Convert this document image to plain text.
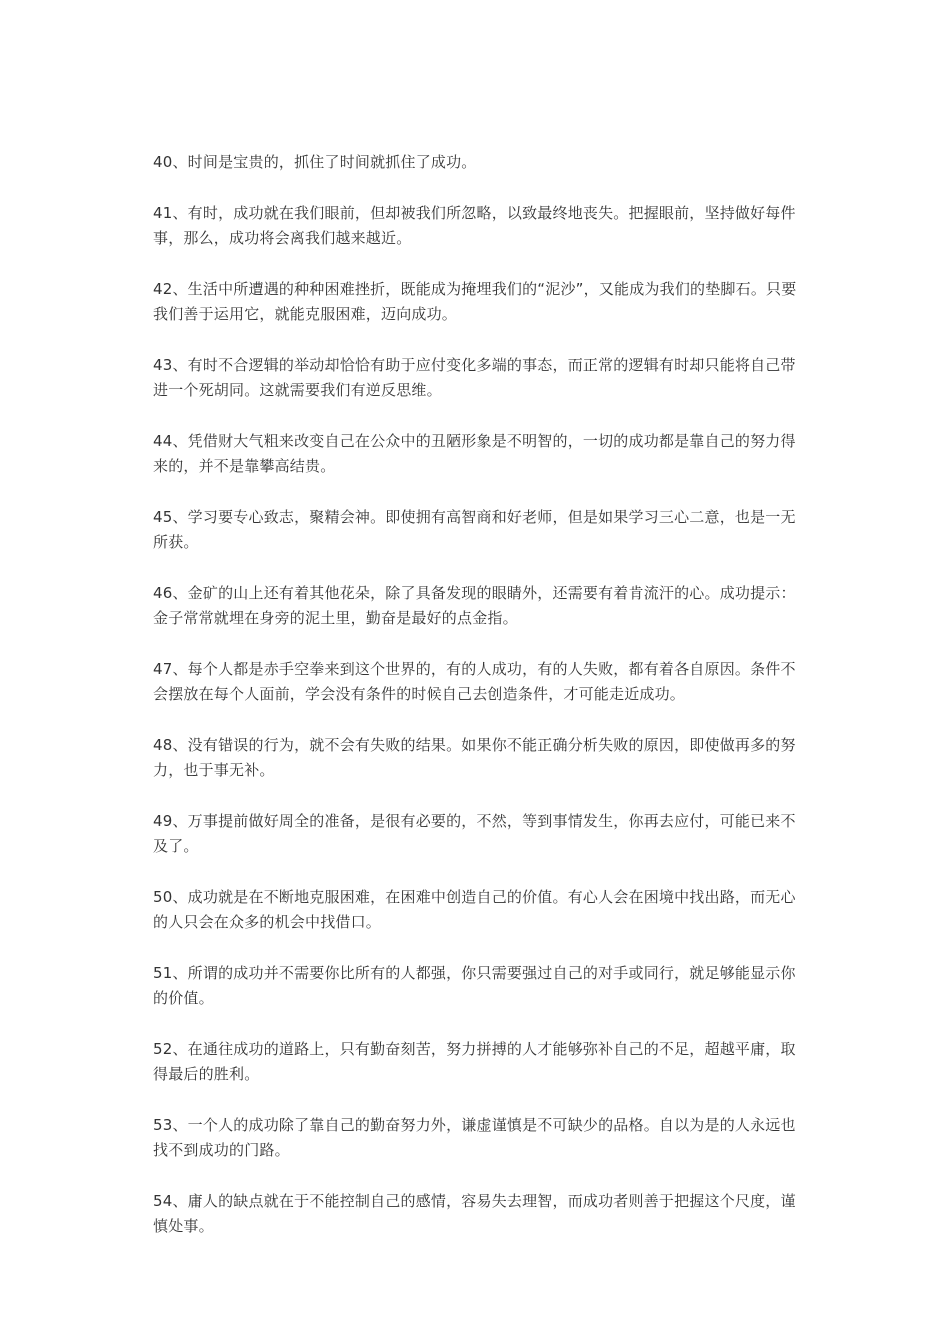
40、时间是宝贵的，抓住了时间就抓住了成功。

41、有时，成功就在我们眼前，但却被我们所忽略，以致最终地丧失。把握眼前，坚持做好每件事，那么，成功将会离我们越来越近。

42、生活中所遭遇的种种困难挫折，既能成为掩埋我们的“泥沙”，又能成为我们的垫脚石。只要我们善于运用它，就能克服困难，迈向成功。

43、有时不合逻辑的举动却恰恰有助于应付变化多端的事态，而正常的逻辑有时却只能将自己带进一个死胡同。这就需要我们有逆反思维。

44、凭借财大气粗来改变自己在公众中的丑陋形象是不明智的，一切的成功都是靠自己的努力得来的，并不是靠攀高结贵。

45、学习要专心致志，聚精会神。即使拥有高智商和好老师，但是如果学习三心二意，也是一无所获。

46、金矿的山上还有着其他花朵，除了具备发现的眼睛外，还需要有着肯流汗的心。成功提示：金子常常就埋在身旁的泥土里，勤奋是最好的点金指。

47、每个人都是赤手空拳来到这个世界的，有的人成功，有的人失败，都有着各自原因。条件不会摆放在每个人面前，学会没有条件的时候自己去创造条件，才可能走近成功。

48、没有错误的行为，就不会有失败的结果。如果你不能正确分析失败的原因，即使做再多的努力，也于事无补。

49、万事提前做好周全的准备，是很有必要的，不然，等到事情发生，你再去应付，可能已来不及了。

50、成功就是在不断地克服困难，在困难中创造自己的价值。有心人会在困境中找出路，而无心的人只会在众多的机会中找借口。

51、所谓的成功并不需要你比所有的人都强，你只需要强过自己的对手或同行，就足够能显示你的价值。

52、在通往成功的道路上，只有勤奋刻苦，努力拼搏的人才能够弥补自己的不足，超越平庸，取得最后的胜利。

53、一个人的成功除了靠自己的勤奋努力外，谦虚谨慎是不可缺少的品格。自以为是的人永远也找不到成功的门路。

54、庸人的缺点就在于不能控制自己的感情，容易失去理智，而成功者则善于把握这个尺度，谨慎处事。
